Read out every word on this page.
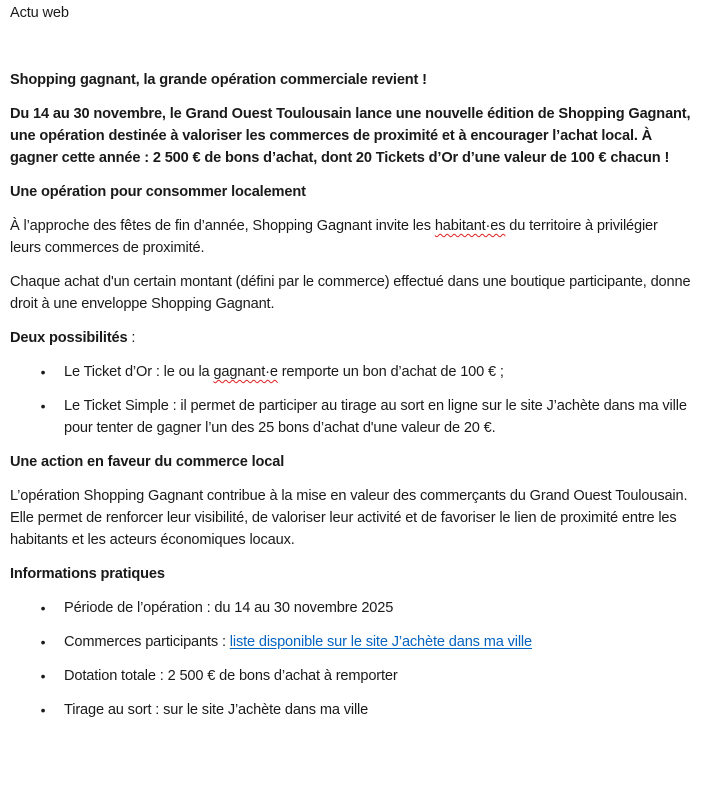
Actu web

Shopping gagnant, la grande opération commerciale revient !

Du 14 au 30 novembre, le Grand Ouest Toulousain lance une nouvelle édition de Shopping Gagnant, une opération destinée à valoriser les commerces de proximité et à encourager l’achat local. À gagner cette année : 2 500 € de bons d’achat, dont 20 Tickets d’Or d’une valeur de 100 € chacun !

Une opération pour consommer localement

À l’approche des fêtes de fin d’année, Shopping Gagnant invite les habitant·es du territoire à privilégier leurs commerces de proximité.

Chaque achat d'un certain montant (défini par le commerce) effectué dans une boutique participante, donne droit à une enveloppe Shopping Gagnant.

Deux possibilités :

• Le Ticket d’Or : le ou la gagnant·e remporte un bon d’achat de 100 € ;
• Le Ticket Simple : il permet de participer au tirage au sort en ligne sur le site J’achète dans ma ville pour tenter de gagner l’un des 25 bons d’achat d'une valeur de 20 €.

Une action en faveur du commerce local

L’opération Shopping Gagnant contribue à la mise en valeur des commerçants du Grand Ouest Toulousain.
Elle permet de renforcer leur visibilité, de valoriser leur activité et de favoriser le lien de proximité entre les habitants et les acteurs économiques locaux.

Informations pratiques

• Période de l’opération : du 14 au 30 novembre 2025
• Commerces participants : liste disponible sur le site J’achète dans ma ville
• Dotation totale : 2 500 € de bons d’achat à remporter
• Tirage au sort : sur le site J’achète dans ma ville
